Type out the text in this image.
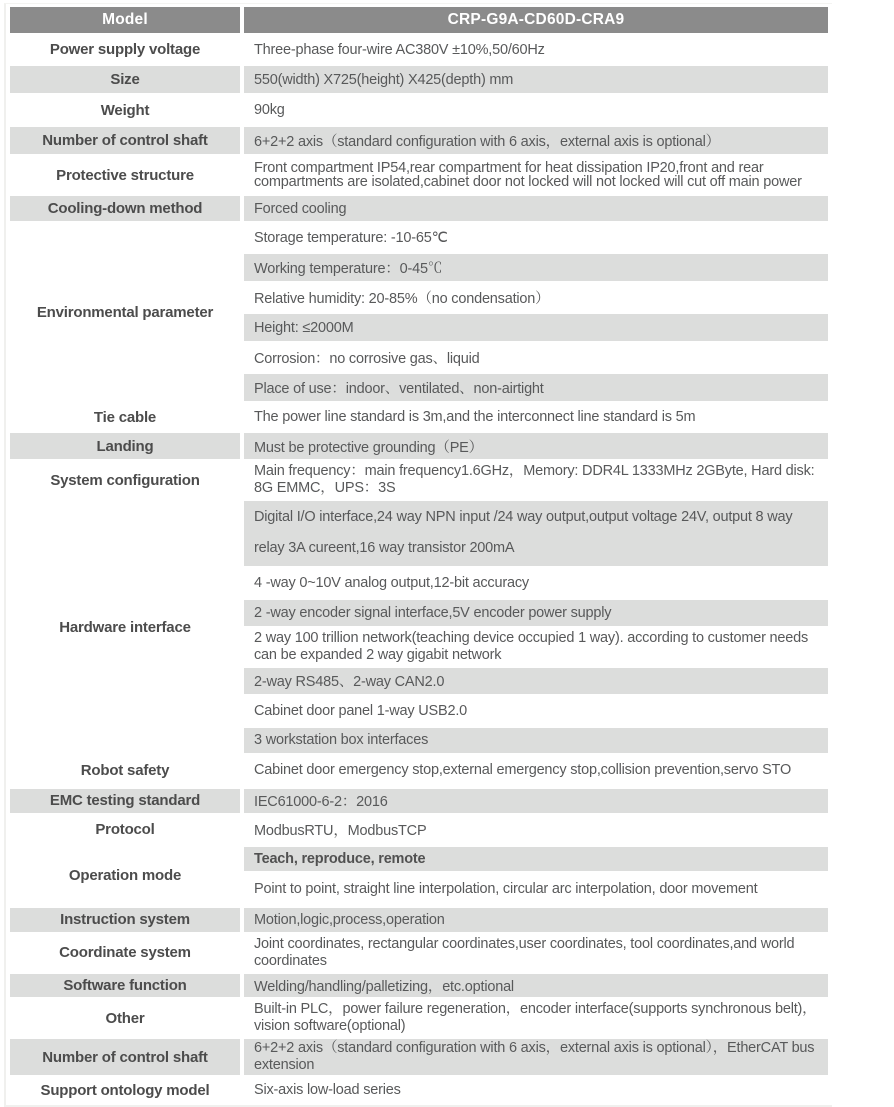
Model	CRP-G9A-CD60D-CRA9
Power supply voltage	Three-phase four-wire AC380V ±10%,50/60Hz
Size	550(width) X725(height) X425(depth) mm
Weight	90kg
Number of control shaft	6+2+2 axis（standard configuration with 6 axis，external axis is optional）
Protective structure	Front compartment IP54,rear compartment for heat dissipation IP20,front and rear compartments are isolated,cabinet door not locked will not locked will cut off main power
Cooling-down method	Forced cooling
Environmental parameter	Storage temperature: -10-65℃
	Working temperature：0-45℃
	Relative humidity: 20-85%（no condensation）
	Height: ≤2000M
	Corrosion：no corrosive gas、liquid
	Place of use：indoor、ventilated、non-airtight
Tie cable	The power line standard is 3m,and the interconnect line standard is 5m
Landing	Must be protective grounding（PE）
System configuration	Main frequency：main frequency1.6GHz，Memory: DDR4L 1333MHz 2GByte, Hard disk: 8G EMMC，UPS：3S
Hardware interface	Digital I/O interface,24 way NPN input /24 way output,output voltage 24V, output 8 way relay 3A cureent,16 way transistor 200mA
	4 -way 0~10V analog output,12-bit accuracy
	2 -way encoder signal interface,5V encoder power supply
	2 way 100 trillion network(teaching device occupied 1 way). according to customer needs can be expanded 2 way gigabit network
	2-way RS485、2-way CAN2.0
	Cabinet door panel 1-way USB2.0
	3 workstation box interfaces
Robot safety	Cabinet door emergency stop,external emergency stop,collision prevention,servo STO
EMC testing standard	IEC61000-6-2：2016
Protocol	ModbusRTU，ModbusTCP
Operation mode	Teach, reproduce, remote
	Point to point, straight line interpolation, circular arc interpolation, door movement
Instruction system	Motion,logic,process,operation
Coordinate system	Joint coordinates, rectangular coordinates,user coordinates, tool coordinates,and world coordinates
Software function	Welding/handling/palletizing，etc.optional
Other	Built-in PLC，power failure regeneration，encoder interface(supports synchronous belt)，vision software(optional)
Number of control shaft	6+2+2 axis（standard configuration with 6 axis，external axis is optional），EtherCAT bus extension
Support ontology model	Six-axis low-load series
